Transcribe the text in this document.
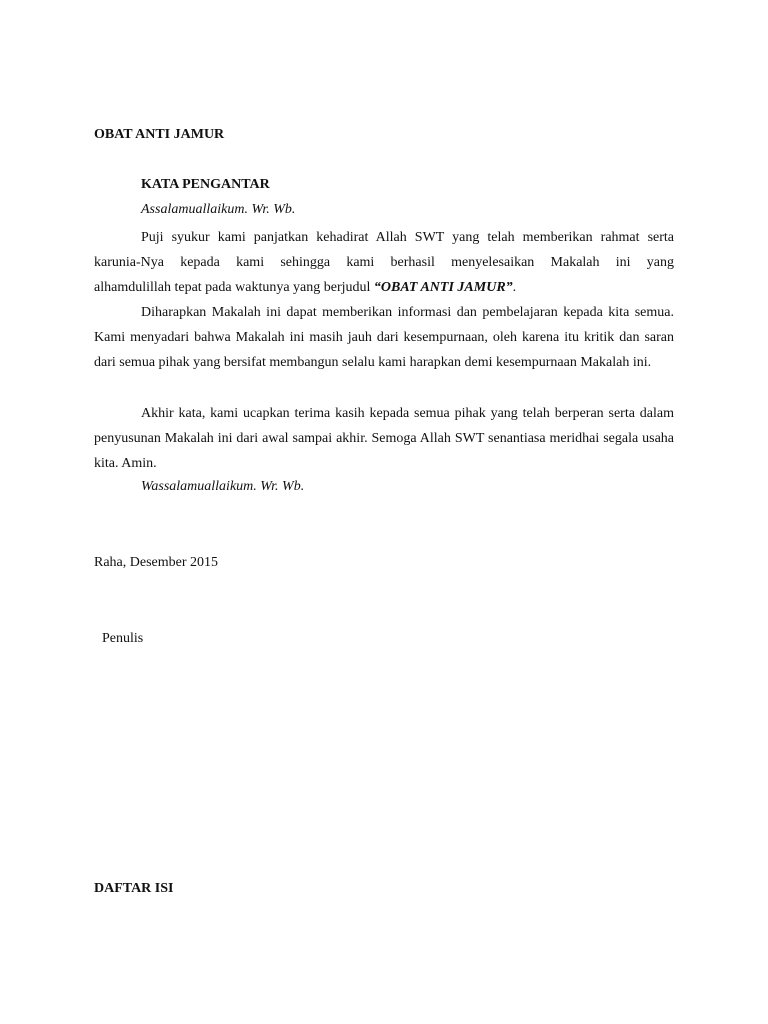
OBAT ANTI JAMUR

KATA PENGANTAR

Assalamuallaikum. Wr. Wb.

Puji syukur kami panjatkan kehadirat Allah SWT yang telah memberikan rahmat serta

karunia-Nya kepada kami sehingga kami berhasil menyelesaikan Makalah ini yang

alhamdulillah tepat pada waktunya yang berjudul “OBAT ANTI JAMUR”.

Diharapkan Makalah ini dapat memberikan informasi dan pembelajaran kepada kita semua. Kami menyadari bahwa Makalah ini masih jauh dari kesempurnaan, oleh karena itu kritik dan saran dari semua pihak yang bersifat membangun selalu kami harapkan demi kesempurnaan Makalah ini.

Akhir kata, kami ucapkan terima kasih kepada semua pihak yang telah berperan serta dalam penyusunan Makalah ini dari awal sampai akhir. Semoga Allah SWT senantiasa meridhai segala usaha kita. Amin.

Wassalamuallaikum. Wr. Wb.

Raha, Desember 2015

Penulis

DAFTAR ISI
